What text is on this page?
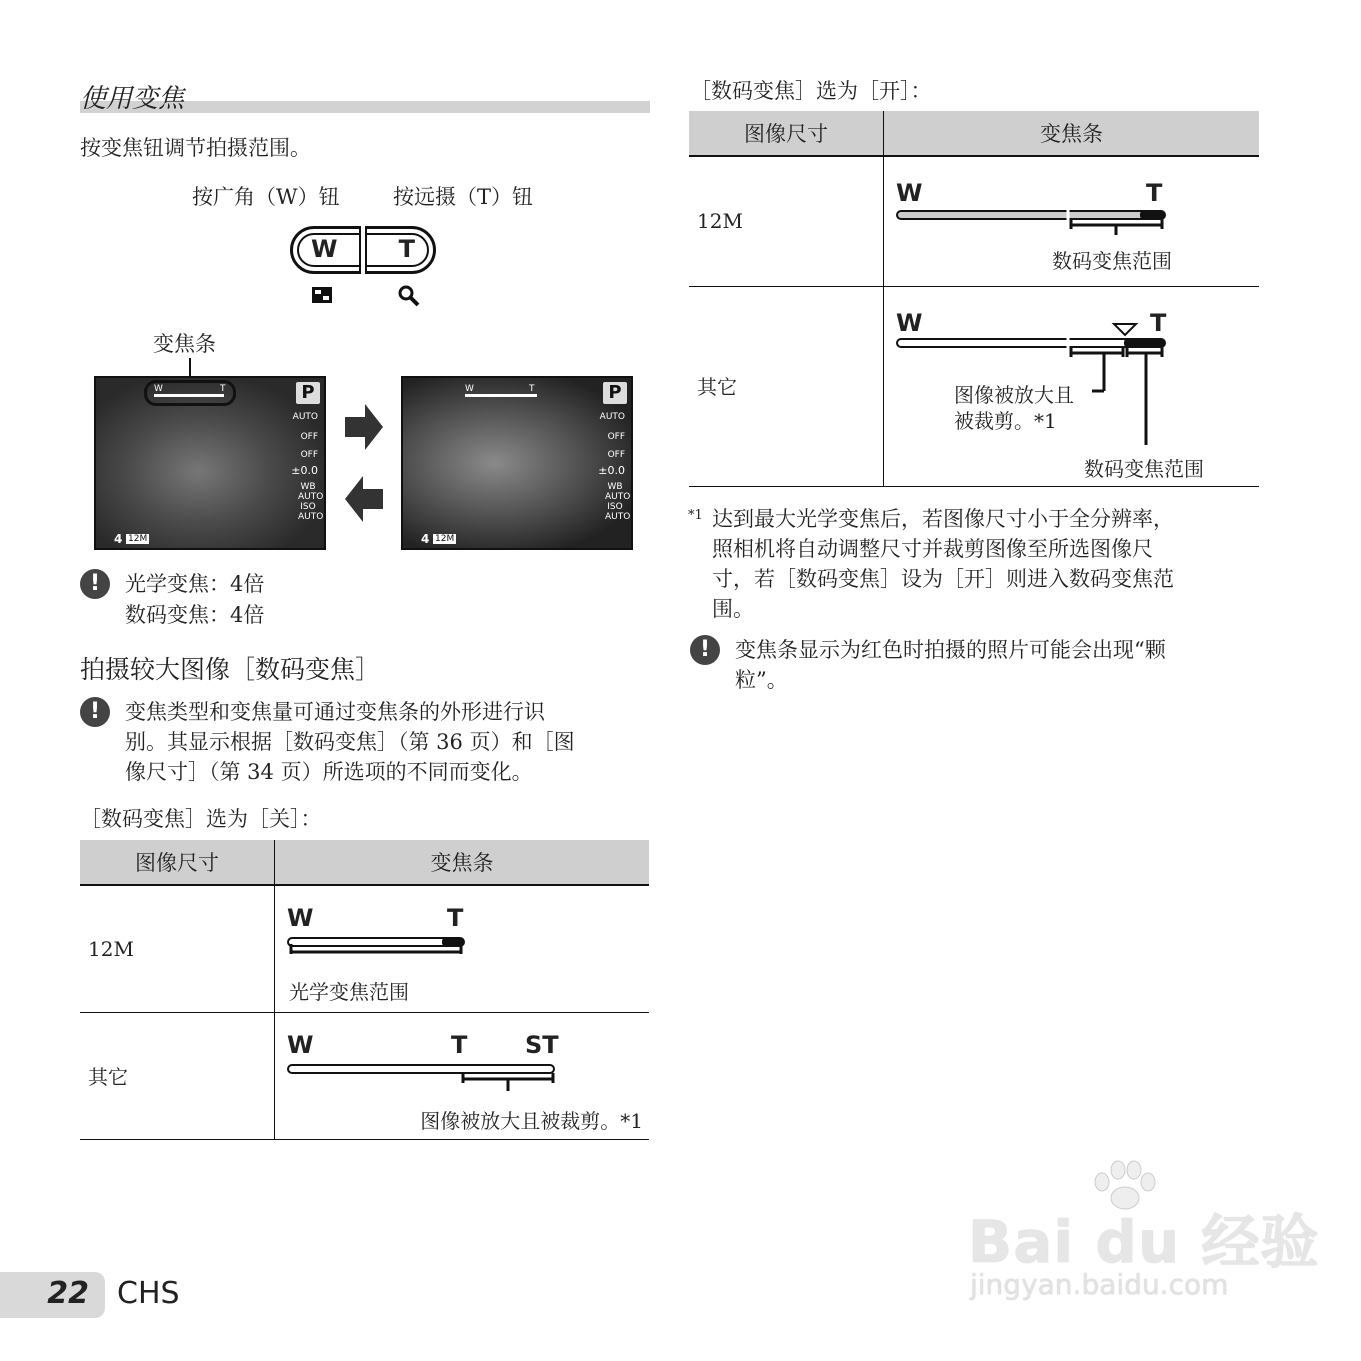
使用变焦
按变焦钮调节拍摄范围。
按广角（W）钮	按远摄（T）钮
W	T
变焦条
W	T	P
AUTO
OFF
OFF
±0.0
WB AUTO
ISO AUTO
4 12M
W	T	P
AUTO
OFF
OFF
±0.0
WB AUTO
ISO AUTO
4 12M
!	光学变焦：4倍
数码变焦：4倍
拍摄较大图像［数码变焦］
!	变焦类型和变焦量可通过变焦条的外形进行识
别。其显示根据［数码变焦］（第 36 页）和［图
像尺寸］（第 34 页）所选项的不同而变化。
［数码变焦］选为［关］：
图像尺寸	变焦条
12M	W T
光学变焦范围

其它	W T ST
图像被放大且被裁剪。*1
［数码变焦］选为［开］：
图像尺寸	变焦条
12M	W T
数码变焦范围

其它	W T
图像被放大且
被裁剪。*1
数码变焦范围
*1 达到最大光学变焦后，若图像尺寸小于全分辨率，
照相机将自动调整尺寸并裁剪图像至所选图像尺
寸，若［数码变焦］设为［开］则进入数码变焦范
围。
!	变焦条显示为红色时拍摄的照片可能会出现“颗
粒”。
22 CHS
Bai du 经验
jingyan.baidu.com
